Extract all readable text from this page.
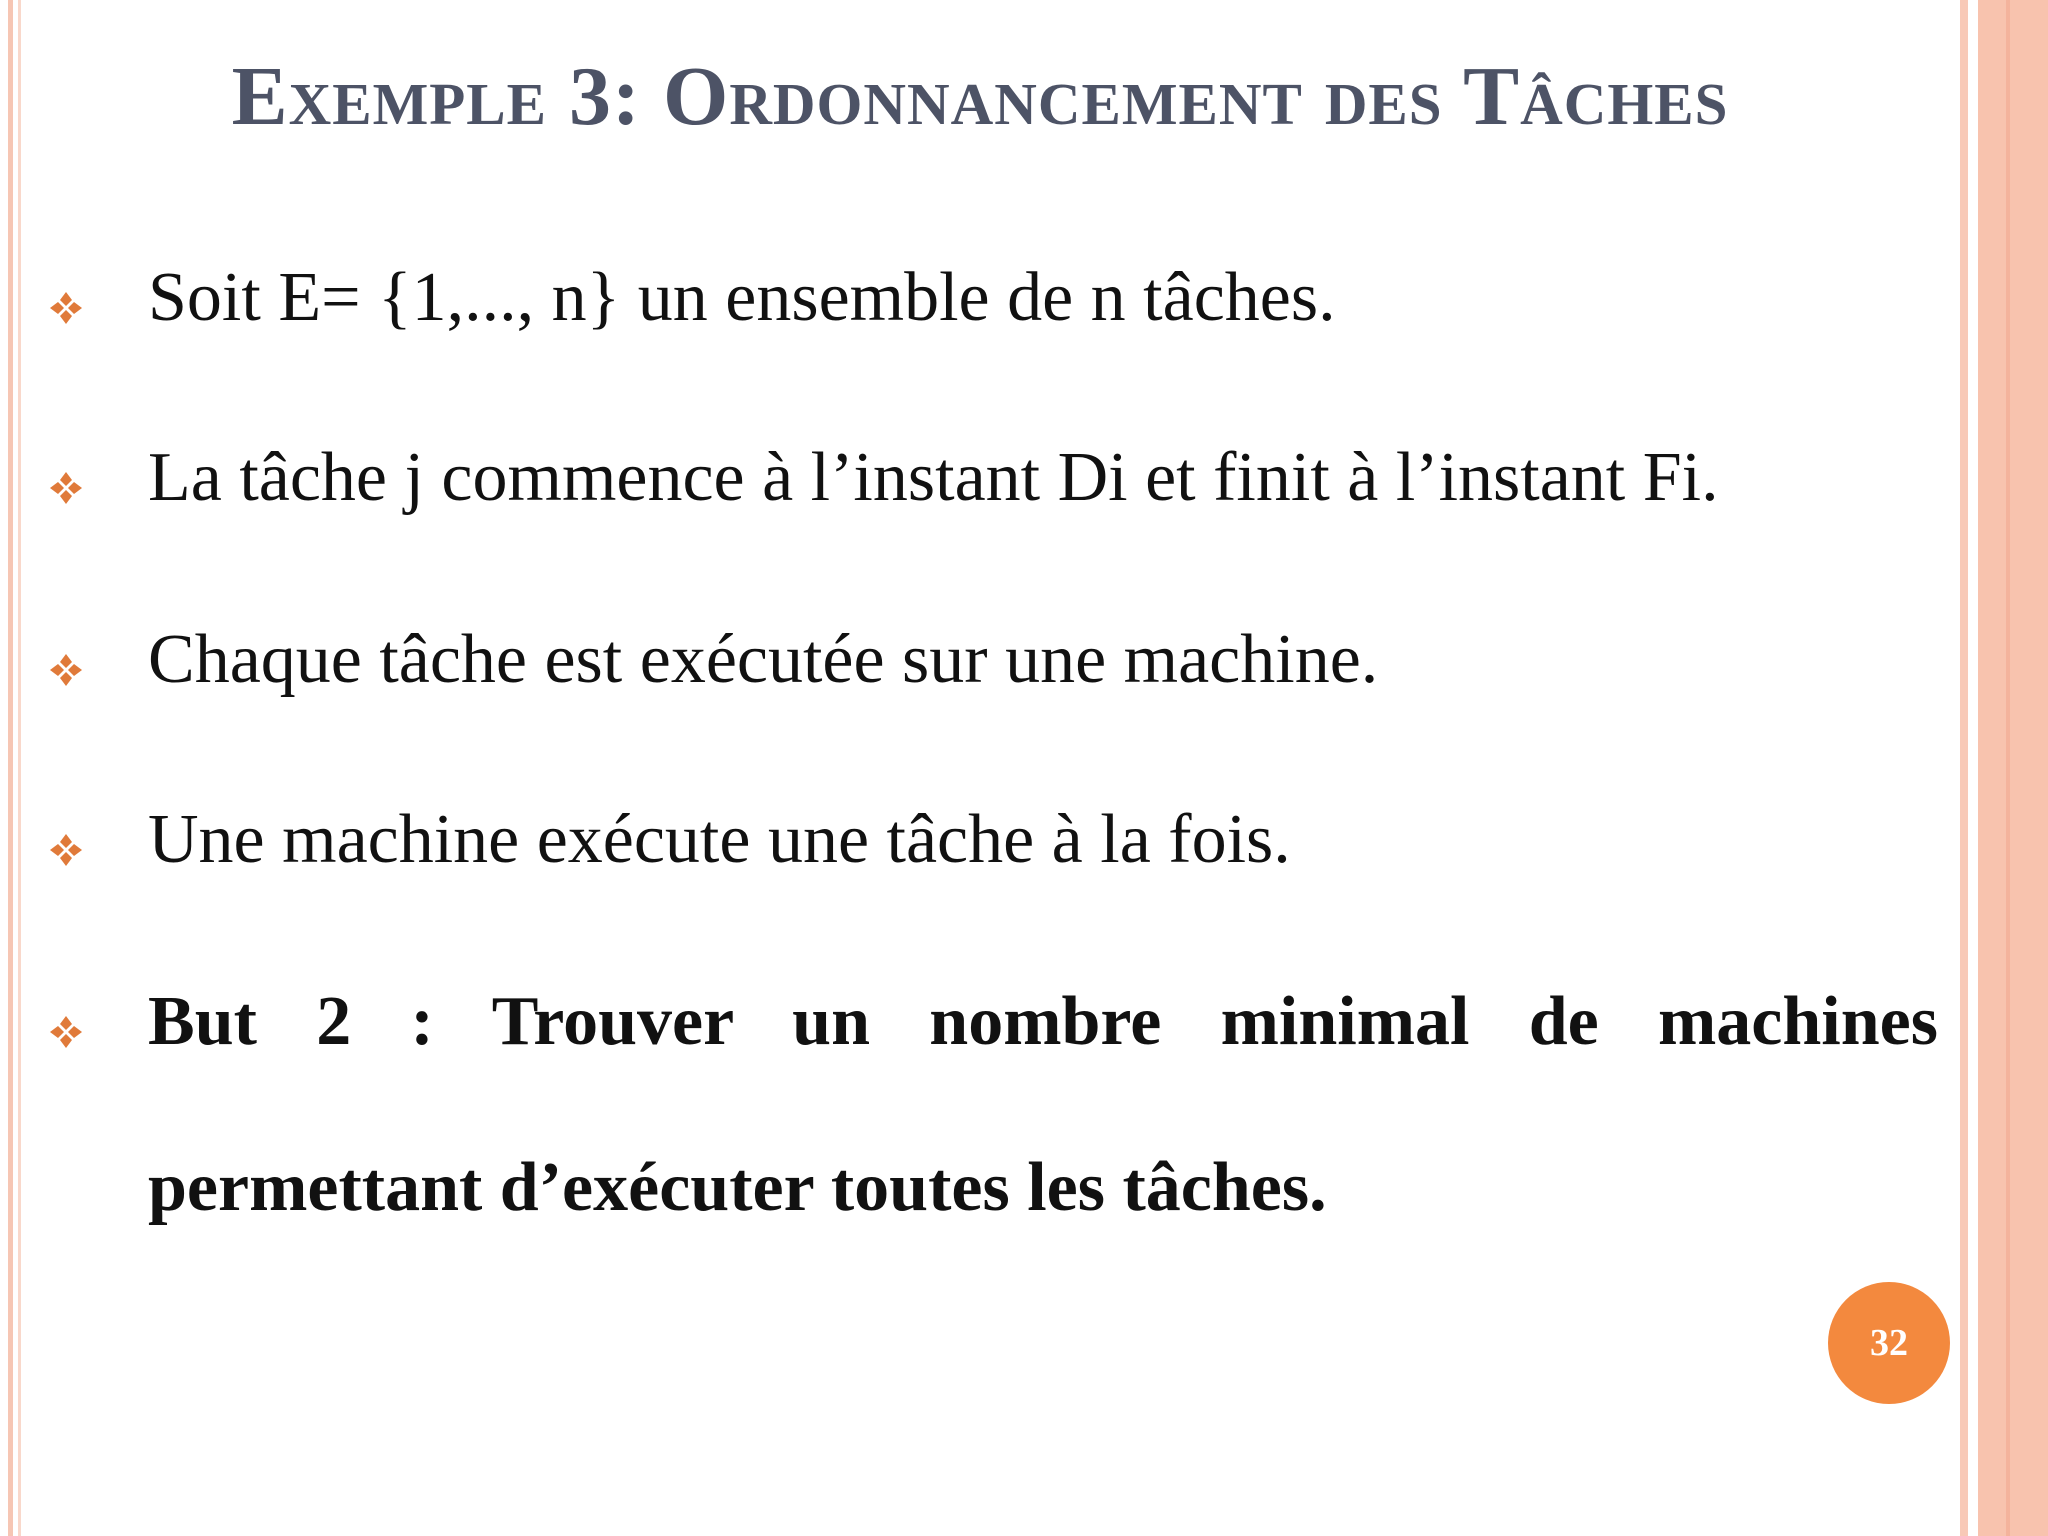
Exemple 3: Ordonnancement des Tâches
Soit E= {1,..., n} un ensemble de n tâches.
La tâche j commence à l’instant Di et finit à l’instant Fi.
Chaque tâche est exécutée sur une machine.
Une machine exécute une tâche à la fois.
But 2 : Trouver un nombre minimal de machines
permettant d’exécuter toutes les tâches.
32
